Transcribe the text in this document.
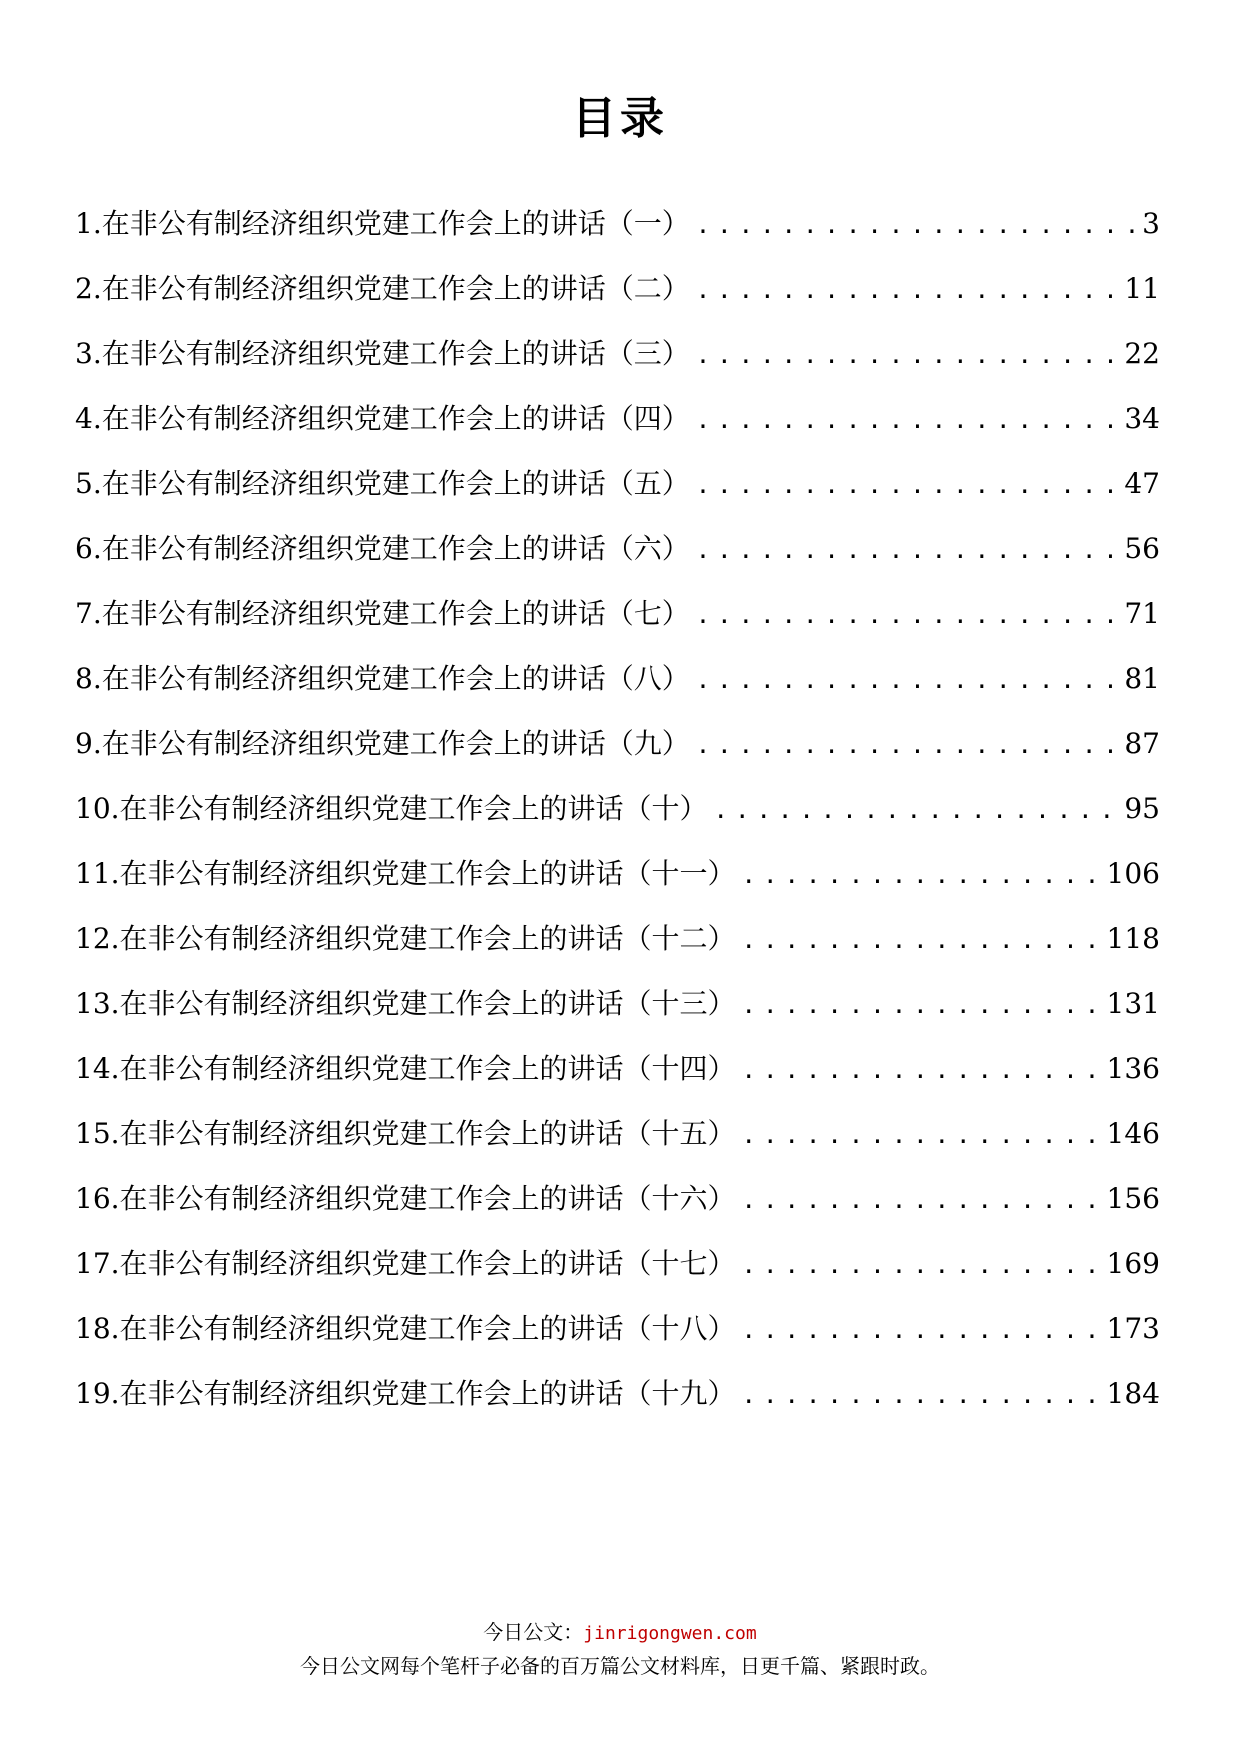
目录
1. 在非公有制经济组织党建工作会上的讲话（一） .....	3
2. 在非公有制经济组织党建工作会上的讲话（二） .....	11
3. 在非公有制经济组织党建工作会上的讲话（三） .....	22
4. 在非公有制经济组织党建工作会上的讲话（四） .....	34
5. 在非公有制经济组织党建工作会上的讲话（五） .....	47
6. 在非公有制经济组织党建工作会上的讲话（六） .....	56
7. 在非公有制经济组织党建工作会上的讲话（七） .....	71
8. 在非公有制经济组织党建工作会上的讲话（八） .....	81
9. 在非公有制经济组织党建工作会上的讲话（九） .....	87
10. 在非公有制经济组织党建工作会上的讲话（十） .....	95
11. 在非公有制经济组织党建工作会上的讲话（十一） .....	106
12. 在非公有制经济组织党建工作会上的讲话（十二） .....	118
13. 在非公有制经济组织党建工作会上的讲话（十三） .....	131
14. 在非公有制经济组织党建工作会上的讲话（十四） .....	136
15. 在非公有制经济组织党建工作会上的讲话（十五） .....	146
16. 在非公有制经济组织党建工作会上的讲话（十六） .....	156
17. 在非公有制经济组织党建工作会上的讲话（十七） .....	169
18. 在非公有制经济组织党建工作会上的讲话（十八） .....	173
19. 在非公有制经济组织党建工作会上的讲话（十九） .....	184
今日公文：jinrigongwen.com
今日公文网每个笔杆子必备的百万篇公文材料库，日更千篇、紧跟时政。
